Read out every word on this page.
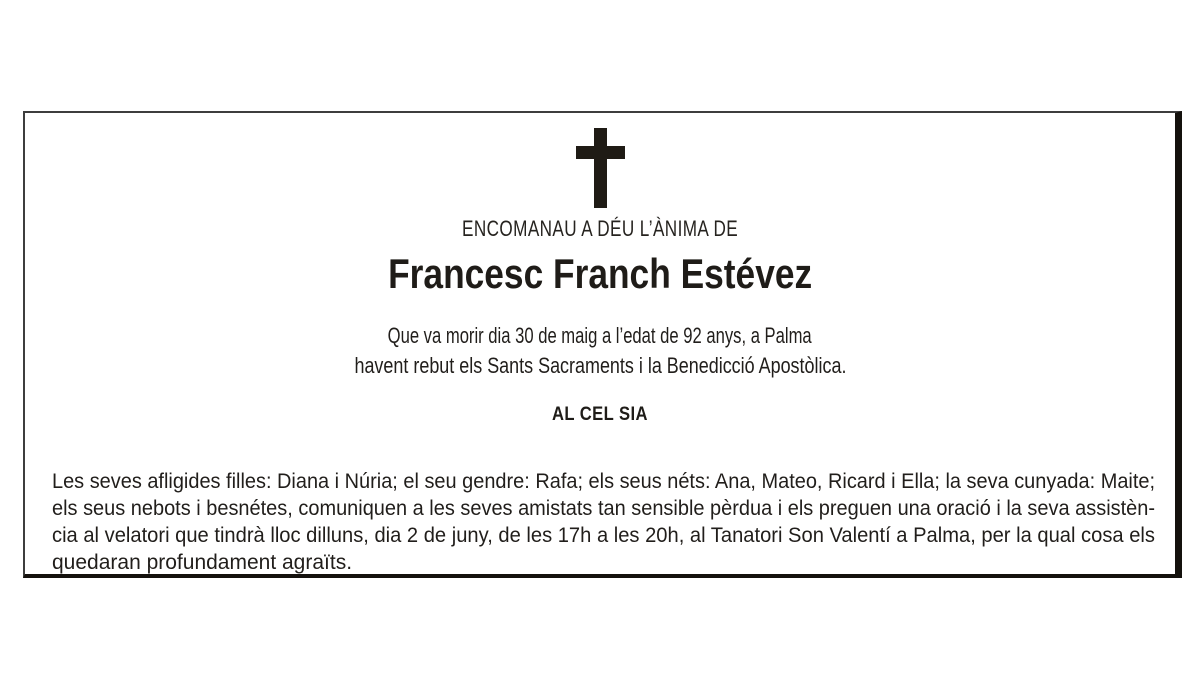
ENCOMANAU A DÉU L’ÀNIMA DE
Francesc Franch Estévez
Que va morir dia 30 de maig a l’edat de 92 anys, a Palma
havent rebut els Sants Sacraments i la Benedicció Apostòlica.
AL CEL SIA
Les seves afligides filles: Diana i Núria; el seu gendre: Rafa; els seus néts: Ana, Mateo, Ricard i Ella; la seva cunyada: Maite;
els seus nebots i besnétes, comuniquen a les seves amistats tan sensible pèrdua i els preguen una oració i la seva assistèn-
cia al velatori que tindrà lloc dilluns, dia 2 de juny, de les 17h a les 20h, al Tanatori Son Valentí a Palma, per la qual cosa els
quedaran profundament agraïts.
